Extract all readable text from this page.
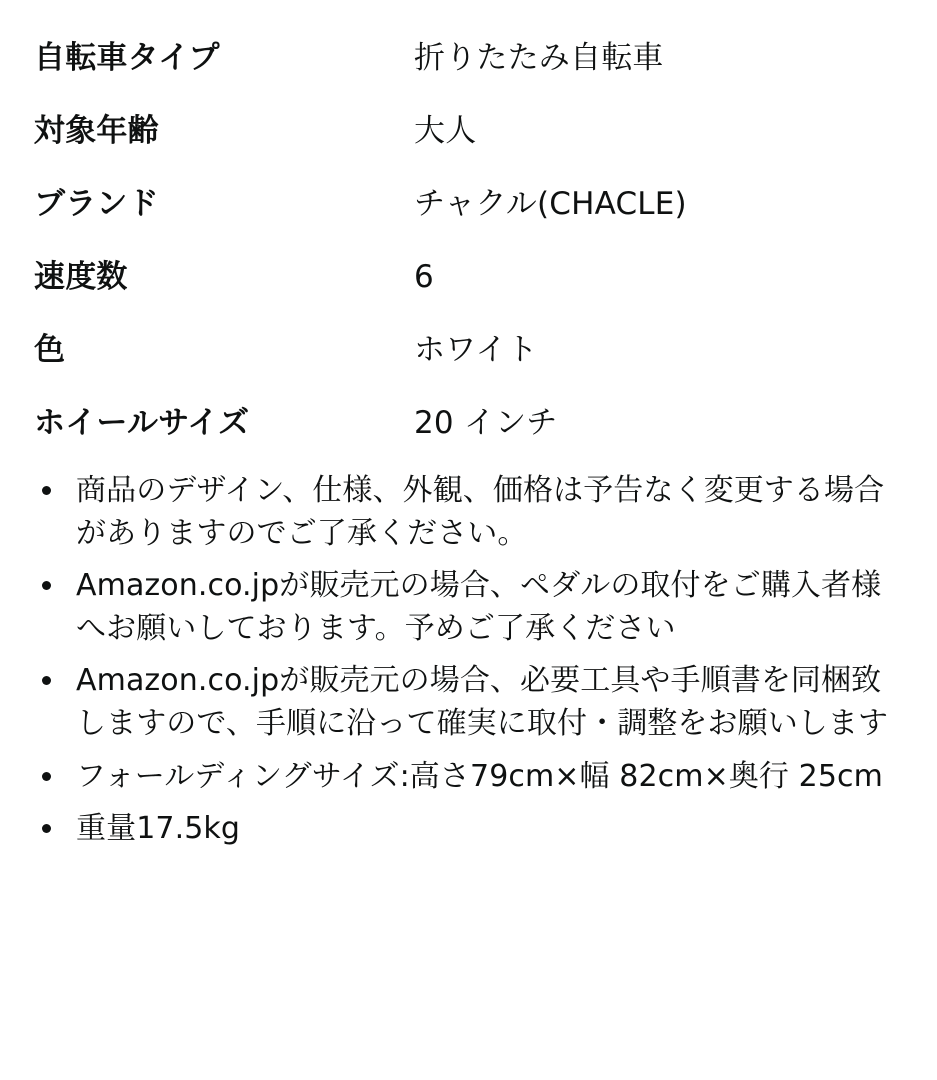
自転車タイプ	折りたたみ自転車
対象年齢	大人
ブランド	チャクル(CHACLE)
速度数	6
色	ホワイト
ホイールサイズ	20 インチ
商品のデザイン、仕様、外観、価格は予告なく変更する場合がありますのでご了承ください。
Amazon.co.jpが販売元の場合、ペダルの取付をご購入者様へお願いしております。予めご了承ください
Amazon.co.jpが販売元の場合、必要工具や手順書を同梱致しますので、手順に沿って確実に取付・調整をお願いします
フォールディングサイズ:高さ79cm×幅 82cm×奥行 25cm
重量17.5kg
